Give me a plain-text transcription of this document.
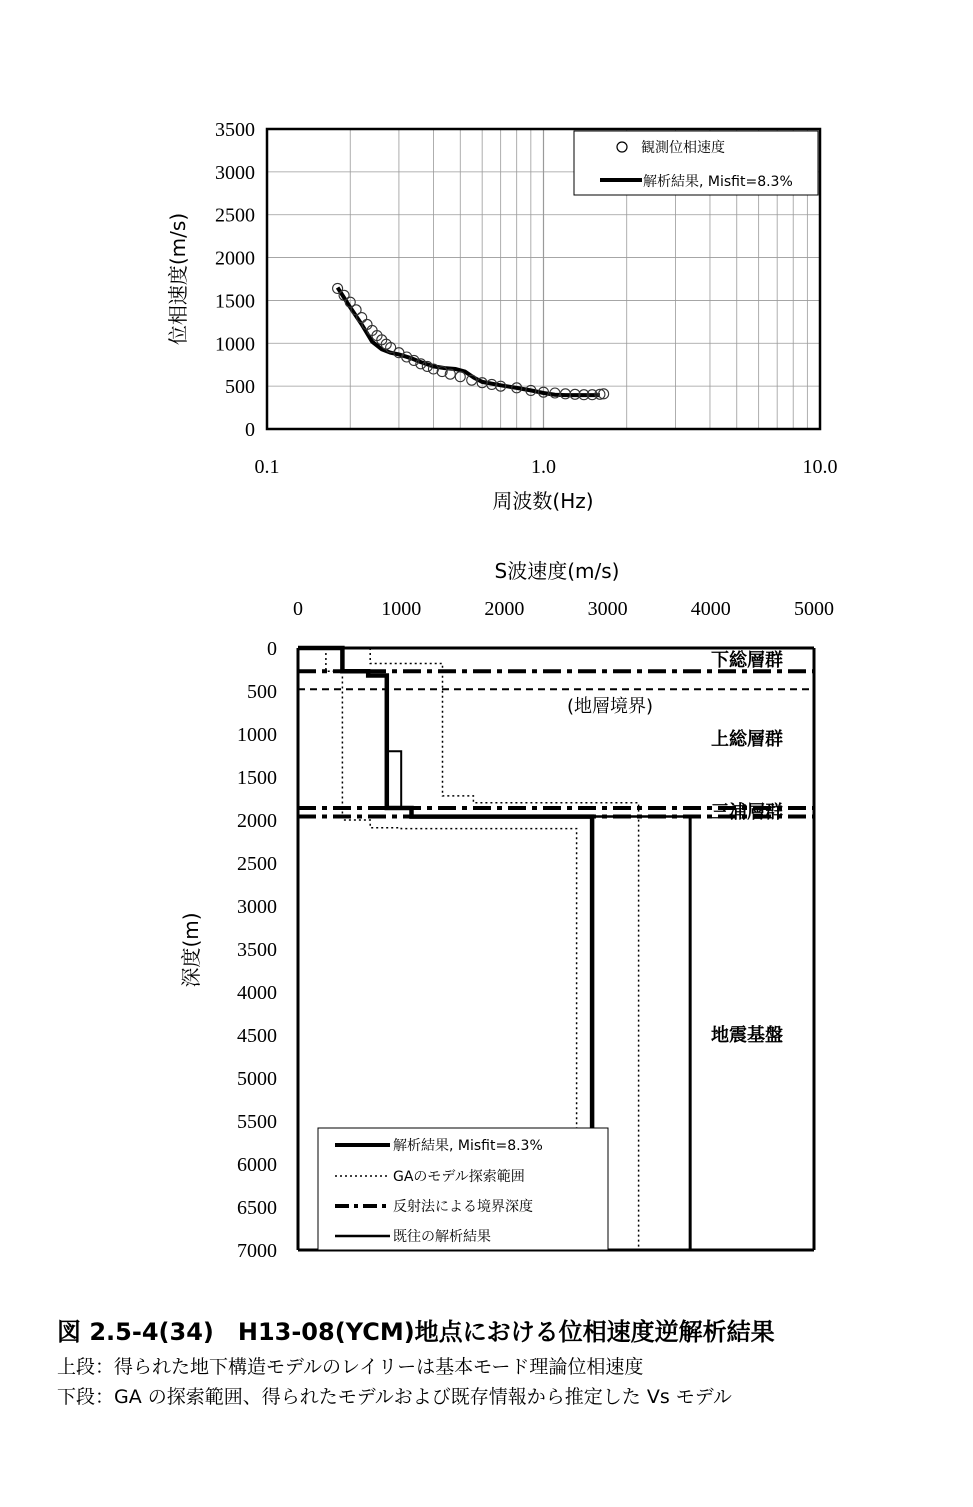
0
500
1000
1500
2000
2500
3000
3500
0.1	1.0	10.0
周波数(Hz)
位相速度(m/s)
観測位相速度
解析結果, Misfit=8.3%
S波速度(m/s)
0	1000	2000	3000	4000	5000
0
500
1000
1500
2000
2500
3000
3500
4000
4500
5000
5500
6000
6500
7000
深度(m)
下総層群
(地層境界)
上総層群
三浦層群
地震基盤
解析結果, Misfit=8.3%
GAのモデル探索範囲
反射法による境界深度
既往の解析結果
図 2.5-4(34)　H13-08(YCM)地点における位相速度逆解析結果
上段：得られた地下構造モデルのレイリーは基本モード理論位相速度
下段：GA の探索範囲、得られたモデルおよび既存情報から推定した Vs モデル
